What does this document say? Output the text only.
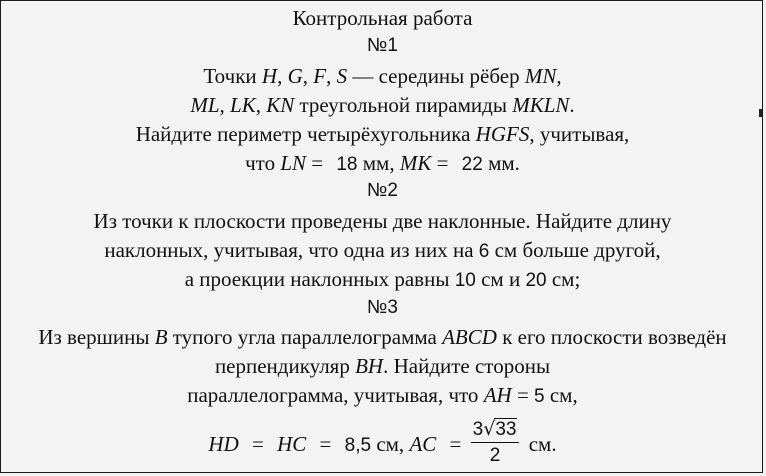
Контрольная работа
№1
Точки H, G, F, S — середины рёбер MN,
ML, LK, KN треугольной пирамиды MKLN.
Найдите периметр четырёхугольника HGFS, учитывая,
что LN = 18 мм, MK = 22 мм.
№2
Из точки к плоскости проведены две наклонные. Найдите длину
наклонных, учитывая, что одна из них на 6 см больше другой,
а проекции наклонных равны 10 см и 20 см;
№3
Из вершины B тупого угла параллелограмма ABCD к его плоскости возведён
перпендикуляр BH. Найдите стороны
параллелограмма, учитывая, что AH = 5 см,
HD = HC = 8,5 см, AC = $\frac{3√33}{2}$ см.
